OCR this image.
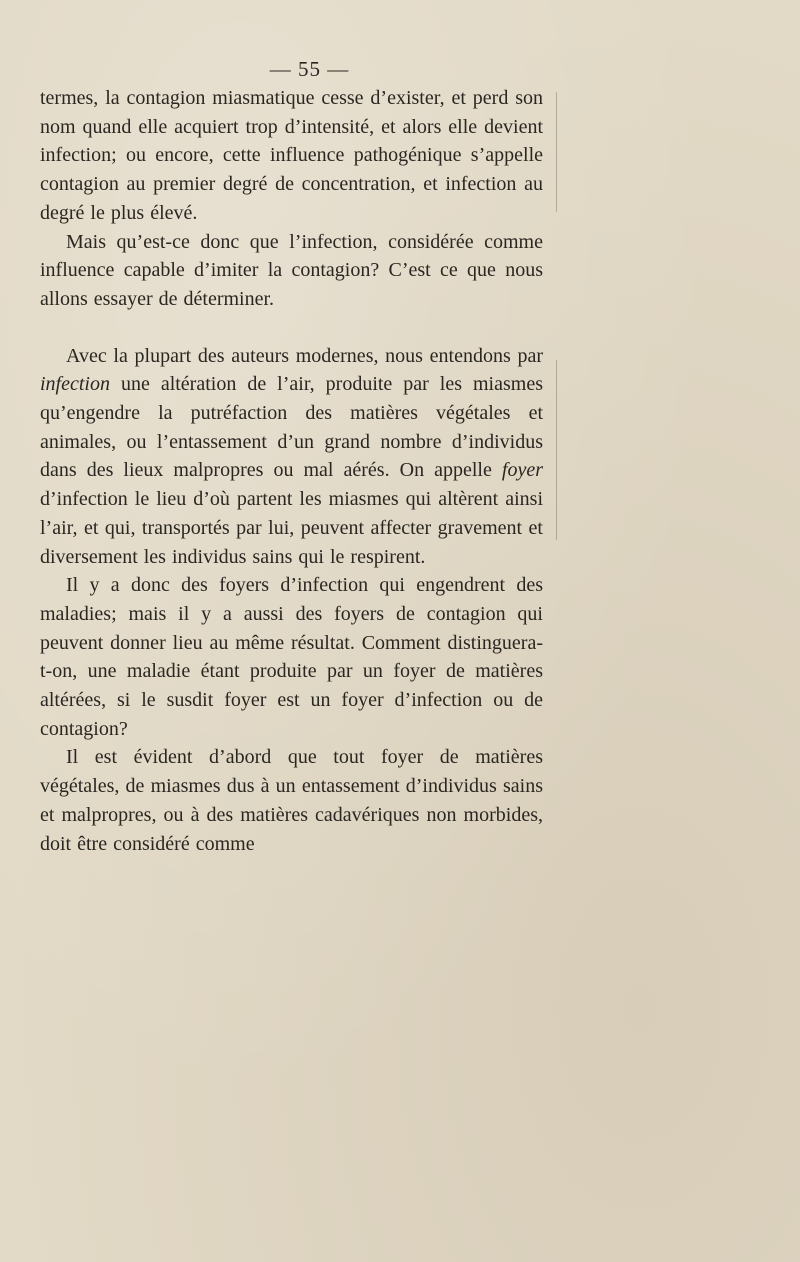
— 55 —

termes, la contagion miasmatique cesse d’exister, et perd son nom quand elle acquiert trop d’intensité, et alors elle devient infection; ou encore, cette influence pathogénique s’appelle contagion au premier degré de concentration, et infection au degré le plus élevé.

Mais qu’est-ce donc que l’infection, considérée comme influence capable d’imiter la contagion? C’est ce que nous allons essayer de déterminer.

Avec la plupart des auteurs modernes, nous entendons par infection une altération de l’air, produite par les miasmes qu’engendre la putréfaction des matières végétales et animales, ou l’entassement d’un grand nombre d’individus dans des lieux malpropres ou mal aérés. On appelle foyer d’infection le lieu d’où partent les miasmes qui altèrent ainsi l’air, et qui, transportés par lui, peuvent affecter gravement et diversement les individus sains qui le respirent.

Il y a donc des foyers d’infection qui engendrent des maladies; mais il y a aussi des foyers de contagion qui peuvent donner lieu au même résultat. Comment distinguera-t-on, une maladie étant produite par un foyer de matières altérées, si le susdit foyer est un foyer d’infection ou de contagion?

Il est évident d’abord que tout foyer de matières végétales, de miasmes dus à un entassement d’individus sains et malpropres, ou à des matières cadavériques non morbides, doit être considéré comme
